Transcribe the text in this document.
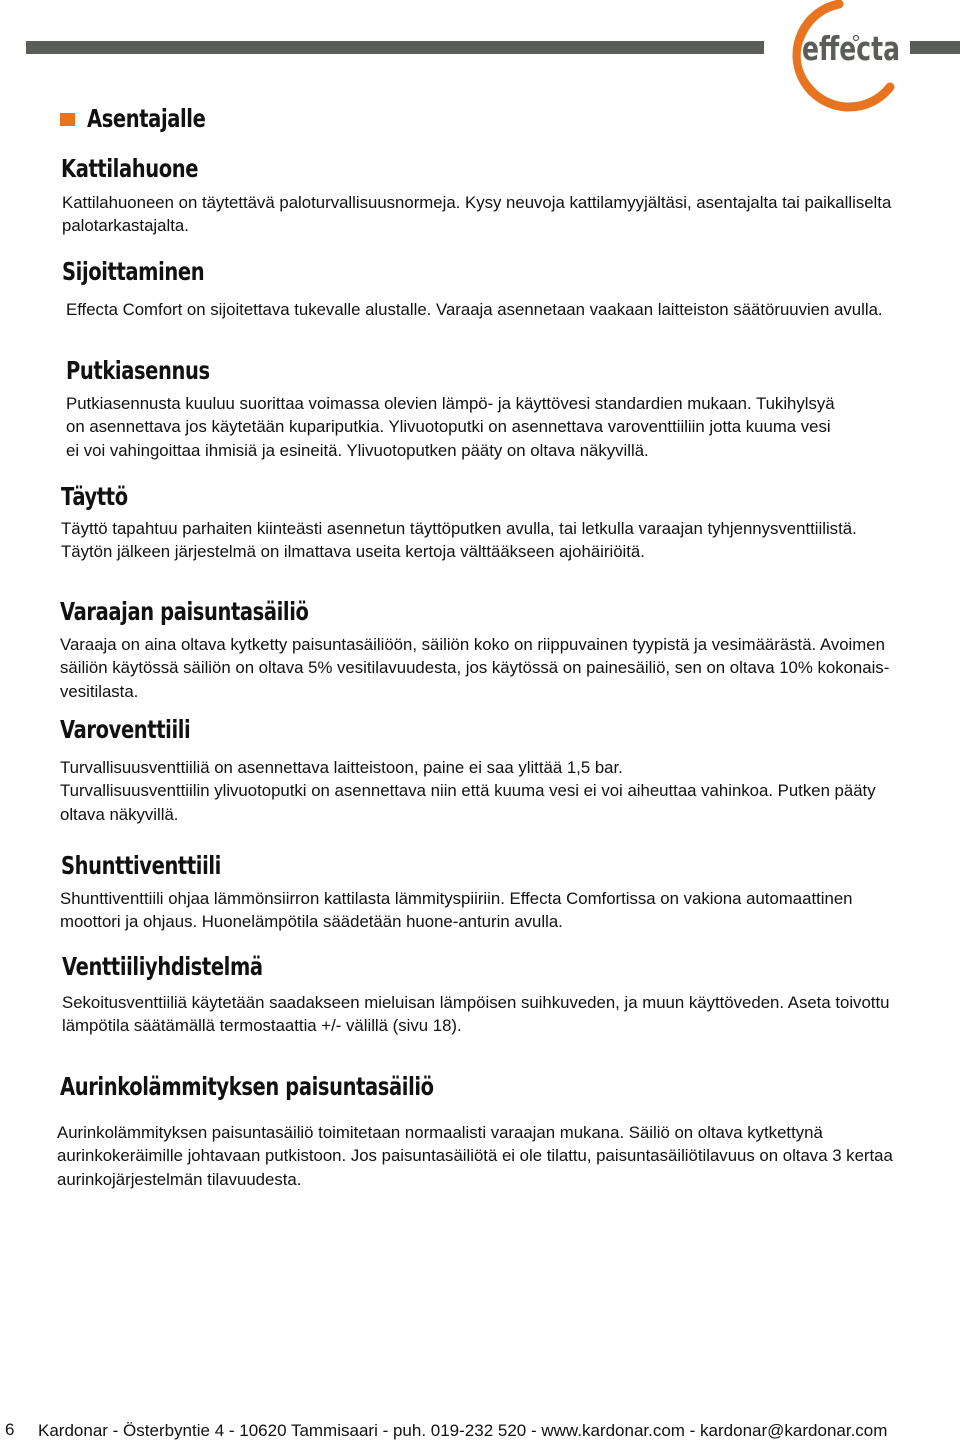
effecta
Asentajalle
Kattilahuone

Kattilahuoneen on täytettävä paloturvallisuusnormeja. Kysy neuvoja kattilamyyjältäsi, asentajalta tai paikalliselta
palotarkastajalta.

Sijoittaminen

Effecta Comfort on sijoitettava tukevalle alustalle. Varaaja asennetaan vaakaan laitteiston säätöruuvien avulla.

Putkiasennus

Putkiasennusta kuuluu suorittaa voimassa olevien lämpö- ja käyttövesi standardien mukaan. Tukihylsyä
on asennettava jos käytetään kupariputkia. Ylivuotoputki on asennettava varoventtiiliin jotta kuuma vesi
ei voi vahingoittaa ihmisiä ja esineitä. Ylivuotoputken pääty on oltava näkyvillä.

Täyttö

Täyttö tapahtuu parhaiten kiinteästi asennetun täyttöputken avulla, tai letkulla varaajan tyhjennysventtiilistä.
Täytön jälkeen järjestelmä on ilmattava useita kertoja välttääkseen ajohäiriöitä.

Varaajan paisuntasäiliö

Varaaja on aina oltava kytketty paisuntasäiliöön, säiliön koko on riippuvainen tyypistä ja vesimäärästä. Avoimen
säiliön käytössä säiliön on oltava 5% vesitilavuudesta, jos käytössä on painesäiliö, sen on oltava 10% kokonais-
vesitilasta.

Varoventtiili

Turvallisuusventtiiliä on asennettava laitteistoon, paine ei saa ylittää 1,5 bar.
Turvallisuusventtiilin ylivuotoputki on asennettava niin että kuuma vesi ei voi aiheuttaa vahinkoa. Putken pääty
oltava näkyvillä.

Shunttiventtiili

Shunttiventtiili ohjaa lämmönsiirron kattilasta lämmityspiiriin. Effecta Comfortissa on vakiona automaattinen
moottori ja ohjaus. Huonelämpötila säädetään huone-anturin avulla.

Venttiiliyhdistelmä

Sekoitusventtiiliä käytetään saadakseen mieluisan lämpöisen suihkuveden, ja muun käyttöveden. Aseta toivottu
lämpötila säätämällä termostaattia +/- välillä (sivu 18).

Aurinkolämmityksen paisuntasäiliö

Aurinkolämmityksen paisuntasäiliö toimitetaan normaalisti varaajan mukana. Säiliö on oltava kytkettynä
aurinkokeräimille johtavaan putkistoon. Jos paisuntasäiliötä ei ole tilattu, paisuntasäiliötilavuus on oltava 3 kertaa
aurinkojärjestelmän tilavuudesta.

6 Kardonar - Österbyntie 4 - 10620 Tammisaari - puh. 019-232 520 - www.kardonar.com - kardonar@kardonar.com
